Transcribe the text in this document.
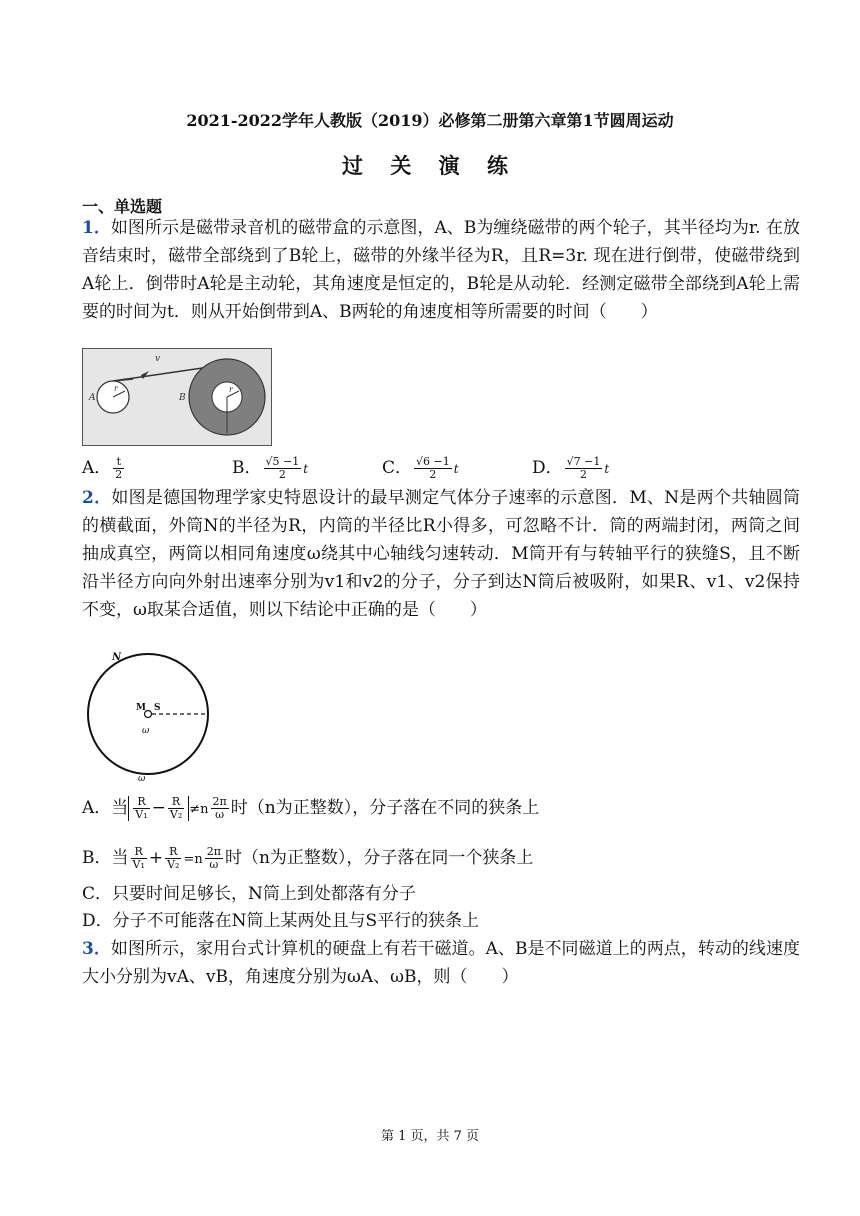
2021-2022学年人教版（2019）必修第二册第六章第1节圆周运动
过 关 演 练
一、单选题
1．如图所示是磁带录音机的磁带盒的示意图，A、B为缠绕磁带的两个轮子，其半径均为r. 在放音结束时，磁带全部绕到了B轮上，磁带的外缘半径为R，且R=3r. 现在进行倒带，使磁带绕到A轮上．倒带时A轮是主动轮，其角速度是恒定的，B轮是从动轮．经测定磁带全部绕到A轮上需要的时间为t．则从开始倒带到A、B两轮的角速度相等所需要的时间（　　）
v
r
A
r
B
A． $\frac{t}{2}$	B． $\frac{√5 -1}{2}$ t	C． $\frac{√6 -1}{2}$ t	D． $\frac{√7 -1}{2}$ t
2．如图是德国物理学家史特恩设计的最早测定气体分子速率的示意图．M、N是两个共轴圆筒的横截面，外筒N的半径为R，内筒的半径比R小得多，可忽略不计．筒的两端封闭，两筒之间抽成真空，两筒以相同角速度ω绕其中心轴线匀速转动．M筒开有与转轴平行的狭缝S，且不断沿半径方向向外射出速率分别为v1和v2的分子，分子到达N筒后被吸附，如果R、v1、v2保持不变，ω取某合适值，则以下结论中正确的是（　　）
N
M S
ω
ω
A．当 $\frac{R}{\text{V₁}} - \frac{R}{\text{V₂}} \ne n \frac{2\pi}{\omega}$ 时（n为正整数），分子落在不同的狭条上
B．当 $\frac{R}{\text{V₁}} + \frac{R}{\text{V₂}} =n \frac{2\pi}{\omega}$ 时（n为正整数），分子落在同一个狭条上
C．只要时间足够长，N筒上到处都落有分子
D．分子不可能落在N筒上某两处且与S平行的狭条上
3．如图所示，家用台式计算机的硬盘上有若干磁道。A、B是不同磁道上的两点，转动的线速度大小分别为vA、vB，角速度分别为ωA、ωB，则（　　）
第 1 页，共 7 页
